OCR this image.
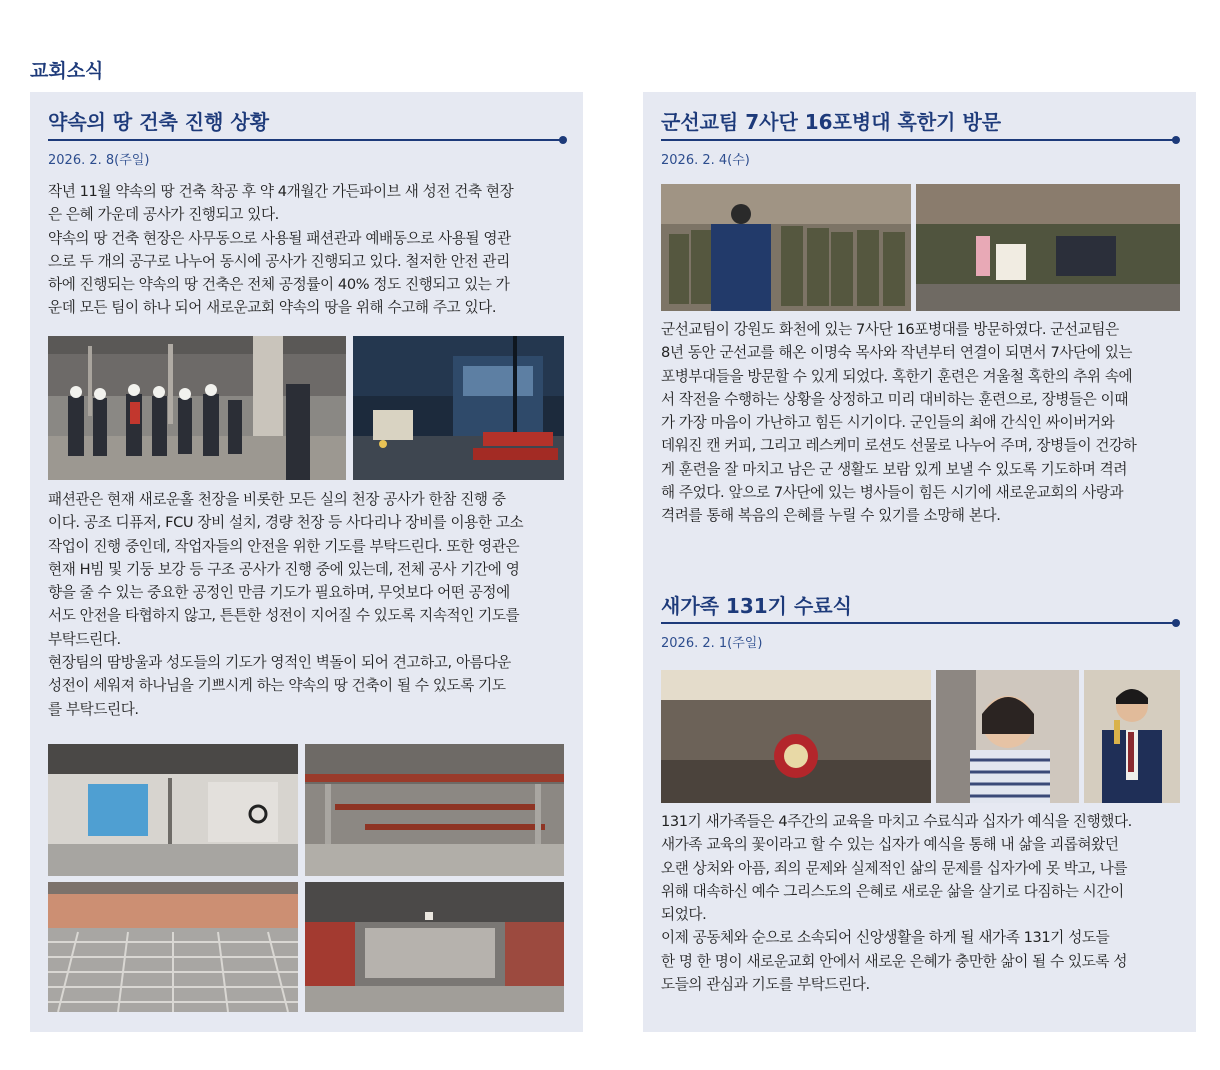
교회소식
약속의 땅 건축 진행 상황
2026. 2. 8(주일)

작년 11월 약속의 땅 건축 착공 후 약 4개월간 가든파이브 새 성전 건축 현장

은 은혜 가운데 공사가 진행되고 있다.

약속의 땅 건축 현장은 사무동으로 사용될 패션관과 예배동으로 사용될 영관

으로 두 개의 공구로 나누어 동시에 공사가 진행되고 있다. 철저한 안전 관리

하에 진행되는 약속의 땅 건축은 전체 공정률이 40% 정도 진행되고 있는 가

운데 모든 팀이 하나 되어 새로운교회 약속의 땅을 위해 수고해 주고 있다.

패션관은 현재 새로운홀 천장을 비롯한 모든 실의 천장 공사가 한참 진행 중

이다. 공조 디퓨저, FCU 장비 설치, 경량 천장 등 사다리나 장비를 이용한 고소

작업이 진행 중인데, 작업자들의 안전을 위한 기도를 부탁드린다. 또한 영관은

현재 H빔 및 기둥 보강 등 구조 공사가 진행 중에 있는데, 전체 공사 기간에 영

향을 줄 수 있는 중요한 공정인 만큼 기도가 필요하며, 무엇보다 어떤 공정에

서도 안전을 타협하지 않고, 튼튼한 성전이 지어질 수 있도록 지속적인 기도를

부탁드린다.

현장팀의 땀방울과 성도들의 기도가 영적인 벽돌이 되어 견고하고, 아름다운

성전이 세워져 하나님을 기쁘시게 하는 약속의 땅 건축이 될 수 있도록 기도

를 부탁드린다.

군선교팀 7사단 16포병대 혹한기 방문
2026. 2. 4(수)

군선교팀이 강원도 화천에 있는 7사단 16포병대를 방문하였다. 군선교팀은

8년 동안 군선교를 해온 이명숙 목사와 작년부터 연결이 되면서 7사단에 있는

포병부대들을 방문할 수 있게 되었다. 혹한기 훈련은 겨울철 혹한의 추위 속에

서 작전을 수행하는 상황을 상정하고 미리 대비하는 훈련으로, 장병들은 이때

가 가장 마음이 가난하고 힘든 시기이다. 군인들의 최애 간식인 싸이버거와

데워진 캔 커피, 그리고 레스케미 로션도 선물로 나누어 주며, 장병들이 건강하

게 훈련을 잘 마치고 남은 군 생활도 보람 있게 보낼 수 있도록 기도하며 격려

해 주었다. 앞으로 7사단에 있는 병사들이 힘든 시기에 새로운교회의 사랑과

격려를 통해 복음의 은혜를 누릴 수 있기를 소망해 본다.

새가족 131기 수료식
2026. 2. 1(주일)

131기 새가족들은 4주간의 교육을 마치고 수료식과 십자가 예식을 진행했다.

새가족 교육의 꽃이라고 할 수 있는 십자가 예식을 통해 내 삶을 괴롭혀왔던

오랜 상처와 아픔, 죄의 문제와 실제적인 삶의 문제를 십자가에 못 박고, 나를

위해 대속하신 예수 그리스도의 은혜로 새로운 삶을 살기로 다짐하는 시간이

되었다.

이제 공동체와 순으로 소속되어 신앙생활을 하게 될 새가족 131기 성도들

한 명 한 명이 새로운교회 안에서 새로운 은혜가 충만한 삶이 될 수 있도록 성

도들의 관심과 기도를 부탁드린다.
